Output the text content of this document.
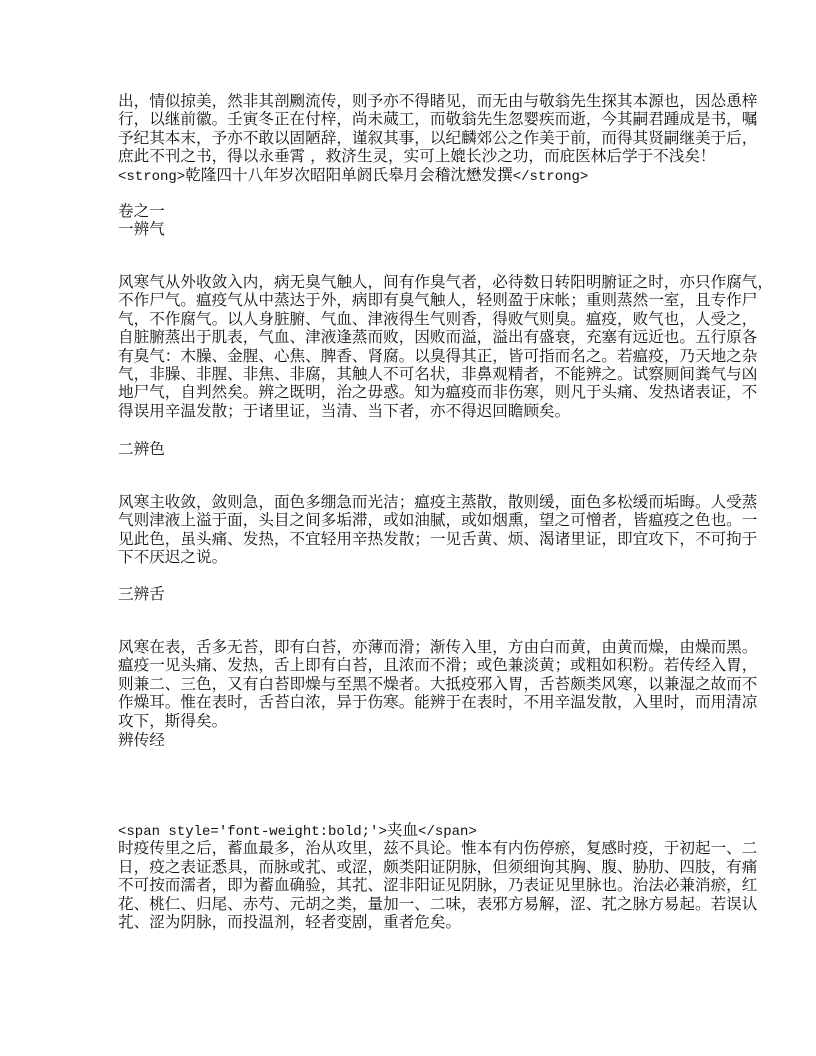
出，情似掠美，然非其剖劂流传，则予亦不得睹见，而无由与敬翁先生探其本源也，因怂恿梓
行，以继前徽。壬寅冬正在付梓，尚未蒇工，而敬翁先生忽婴疾而逝，今其嗣君踵成是书，嘱
予纪其本末，予亦不敢以固陋辞，谨叙其事，以纪麟郊公之作美于前，而得其贤嗣继美于后，
庶此不刊之书，得以永垂霄 ，救济生灵，实可上媲长沙之功，而庇医林后学于不浅矣！
<strong>乾隆四十八年岁次昭阳单阏氏皋月会稽沈懋发撰</strong>
卷之一
一辨气
风寒气从外收敛入内，病无臭气触人，间有作臭气者，必待数日转阳明腑证之时，亦只作腐气，
不作尸气。瘟疫气从中蒸达于外，病即有臭气触人，轻则盈于床帐；重则蒸然一室，且专作尸
气，不作腐气。以人身脏腑、气血、津液得生气则香，得败气则臭。瘟疫，败气也，人受之，
自脏腑蒸出于肌表，气血、津液逢蒸而败，因败而溢，溢出有盛衰，充塞有远近也。五行原各
有臭气：木臊、金腥、心焦、脾香、肾腐。以臭得其正，皆可指而名之。若瘟疫，乃天地之杂
气，非臊、非腥、非焦、非腐，其触人不可名状，非鼻观精者，不能辨之。试察厕间粪气与凶
地尸气，自判然矣。辨之既明，治之毋惑。知为瘟疫而非伤寒，则凡于头痛、发热诸表证，不
得误用辛温发散；于诸里证，当清、当下者，亦不得迟回瞻顾矣。
二辨色
风寒主收敛，敛则急，面色多绷急而光洁；瘟疫主蒸散，散则缓，面色多松缓而垢晦。人受蒸
气则津液上溢于面，头目之间多垢滞，或如油腻，或如烟熏，望之可憎者，皆瘟疫之色也。一
见此色，虽头痛、发热，不宜轻用辛热发散；一见舌黄、烦、渴诸里证，即宜攻下，不可拘于
下不厌迟之说。
三辨舌
风寒在表，舌多无苔，即有白苔，亦薄而滑；渐传入里，方由白而黄，由黄而燥，由燥而黑。
瘟疫一见头痛、发热，舌上即有白苔，且浓而不滑；或色兼淡黄；或粗如积粉。若传经入胃，
则兼二、三色，又有白苔即燥与至黑不燥者。大抵疫邪入胃，舌苔颇类风寒，以兼湿之故而不
作燥耳。惟在表时，舌苔白浓，异于伤寒。能辨于在表时，不用辛温发散，入里时，而用清凉
攻下，斯得矣。
辨传经
<span style='font-weight:bold;'>夹血</span>
时疫传里之后，蓄血最多，治从攻里，兹不具论。惟本有内伤停瘀，复感时疫，于初起一、二
日，疫之表证悉具，而脉或芤、或涩，颇类阳证阴脉，但须细询其胸、腹、胁肋、四肢，有痛
不可按而濡者，即为蓄血确验，其芤、涩非阳证见阴脉，乃表证见里脉也。治法必兼消瘀，红
花、桃仁、归尾、赤芍、元胡之类，量加一、二味，表邪方易解，涩、芤之脉方易起。若误认
芤、涩为阴脉，而投温剂，轻者变剧，重者危矣。
